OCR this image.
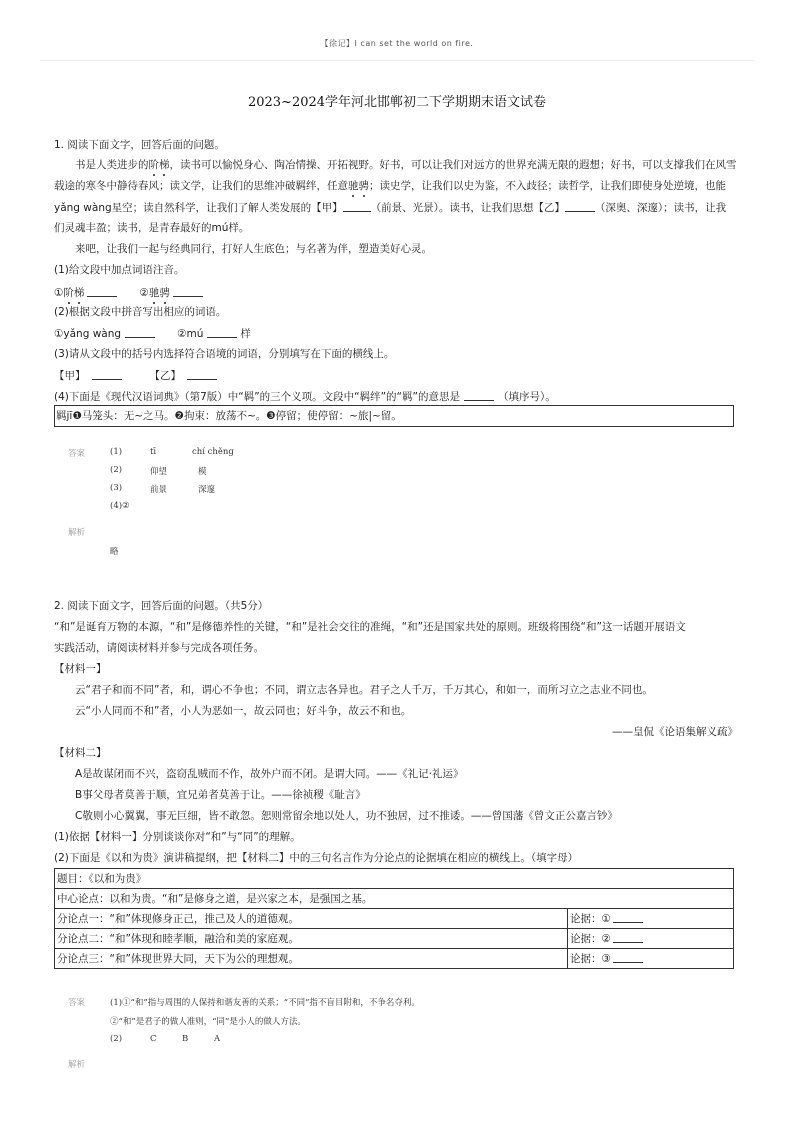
【徐记】I can set the world on fire.
2023~2024学年河北邯郸初二下学期期末语文试卷
1. 阅读下面文字，回答后面的问题。
书是人类进步的阶梯，读书可以愉悦身心、陶冶情操、开拓视野。好书，可以让我们对远方的世界充满无限的遐想；好书，可以支撑我们在风雪
载途的寒冬中静待春风；读文学，让我们的思维冲破羁绊，任意驰骋；读史学，让我们以史为鉴，不入歧径；读哲学，让我们即使身处逆境，也能
yǎng wàng星空；读自然科学，让我们了解人类发展的【甲】	（前景、光景）。读书，让我们思想【乙】	（深奥、深邃）；读书，让我
们灵魂丰盈；读书，是青春最好的mú样。
来吧，让我们一起与经典同行，打好人生底色；与名著为伴，塑造美好心灵。
(1)给文段中加点词语注音。
①阶梯	②驰骋
(2)根据文段中拼音写出相应的词语。
①yǎng wàng	②mú	样
(3)请从文段中的括号内选择符合语境的词语，分别填写在下面的横线上。
【甲】	【乙】
(4)下面是《现代汉语词典》（第7版）中“羁”的三个义项。文段中“羁绊”的“羁”的意思是	（填序号）。
羁jī❶马笼头：无~之马。❷拘束：放荡不~。❸停留；使停留：~旅|~留。
答案	(1)	tī	chí chěng
(2)	仰望	模
(3)	前景	深邃
(4)②
解析
略
2. 阅读下面文字，回答后面的问题。（共5分）
“和”是诞育万物的本源，“和”是修德养性的关键，“和”是社会交往的准绳，“和”还是国家共处的原则。班级将围绕“和”这一话题开展语文
实践活动，请阅读材料并参与完成各项任务。
【材料一】
云“君子和而不同”者，和，谓心不争也；不同，谓立志各异也。君子之人千万，千万其心，和如一，而所习立之志业不同也。
云“小人同而不和”者，小人为恶如一，故云同也；好斗争，故云不和也。
——皇侃《论语集解义疏》
【材料二】
A是故谋闭而不兴，盗窃乱贼而不作，故外户而不闭。是谓大同。——《礼记·礼运》
B事父母者莫善于顺，宜兄弟者莫善于让。——徐祯稷《耻言》
C敬则小心翼翼，事无巨细，皆不敢忽。恕则常留余地以处人，功不独居，过不推诿。——曾国藩《曾文正公嘉言钞》
(1)依据【材料一】分别谈谈你对“和”与“同”的理解。
(2)下面是《以和为贵》演讲稿提纲，把【材料二】中的三句名言作为分论点的论据填在相应的横线上。（填字母）
题目：《以和为贵》	
中心论点：以和为贵。“和”是修身之道，是兴家之本，是强国之基。	
分论点一：“和”体现修身正己，推己及人的道德观。	论据：①
分论点二：“和”体现和睦孝顺，融洽和美的家庭观。	论据：②
分论点三：“和”体现世界大同，天下为公的理想观。	论据：③
答案	(1)①“和”指与周围的人保持和谐友善的关系；“不同”指不盲目附和，不争名夺利。
②“和”是君子的做人准则，“同”是小人的做人方法。
(2)	C	B	A
解析
